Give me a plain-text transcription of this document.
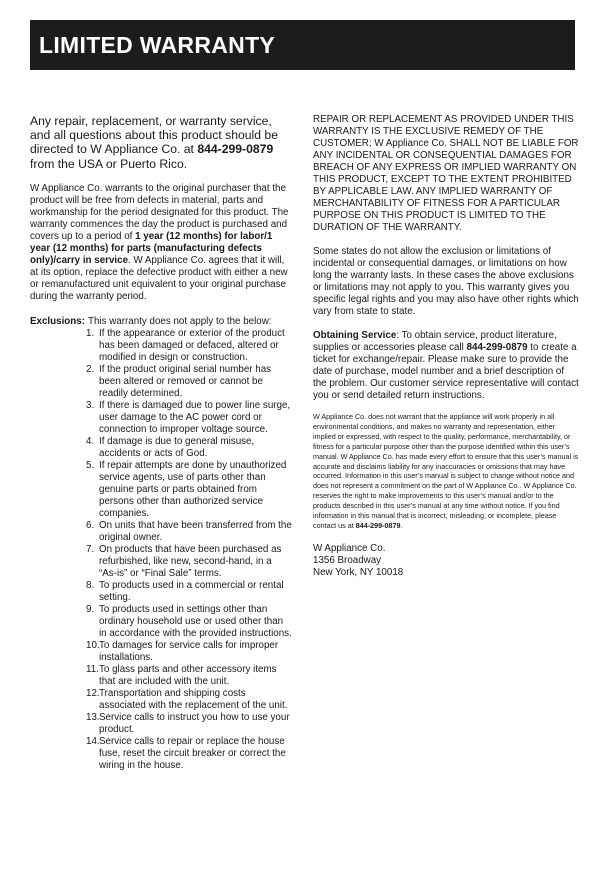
LIMITED WARRANTY

Any repair, replacement, or warranty service, and all questions about this product should be directed to W Appliance Co. at 844-299-0879 from the USA or Puerto Rico.

W Appliance Co. warrants to the original purchaser that the product will be free from defects in material, parts and workmanship for the period designated for this product. The warranty commences the day the product is purchased and covers up to a period of 1 year (12 months) for labor/1 year (12 months) for parts (manufacturing defects only)/carry in service. W Appliance Co. agrees that it will, at its option, replace the defective product with either a new or remanufactured unit equivalent to your original purchase during the warranty period.

Exclusions: This warranty does not apply to the below:
1. If the appearance or exterior of the product has been damaged or defaced, altered or modified in design or construction.
2. If the product original serial number has been altered or removed or cannot be readily determined.
3. If there is damaged due to power line surge, user damage to the AC power cord or connection to improper voltage source.
4. If damage is due to general misuse, accidents or acts of God.
5. If repair attempts are done by unauthorized service agents, use of parts other than genuine parts or parts obtained from persons other than authorized service companies.
6. On units that have been transferred from the original owner.
7. On products that have been purchased as refurbished, like new, second-hand, in a “As-is” or “Final Sale” terms.
8. To products used in a commercial or rental setting.
9. To products used in settings other than ordinary household use or used other than in accordance with the provided instructions.
10. To damages for service calls for improper installations.
11. To glass parts and other accessory items that are included with the unit.
12. Transportation and shipping costs associated with the replacement of the unit.
13. Service calls to instruct you how to use your product.
14. Service calls to repair or replace the house fuse, reset the circuit breaker or correct the wiring in the house.

REPAIR OR REPLACEMENT AS PROVIDED UNDER THIS WARRANTY IS THE EXCLUSIVE REMEDY OF THE CUSTOMER; W Appliance Co. SHALL NOT BE LIABLE FOR ANY INCIDENTAL OR CONSEQUENTIAL DAMAGES FOR BREACH OF ANY EXPRESS OR IMPLIED WARRANTY ON THIS PRODUCT, EXCEPT TO THE EXTENT PROHIBITED BY APPLICABLE LAW. ANY IMPLIED WARRANTY OF MERCHANTABILITY OF FITNESS FOR A PARTICULAR PURPOSE ON THIS PRODUCT IS LIMITED TO THE DURATION OF THE WARRANTY.

Some states do not allow the exclusion or limitations of incidental or consequential damages, or limitations on how long the warranty lasts. In these cases the above exclusions or limitations may not apply to you. This warranty gives you specific legal rights and you may also have other rights which vary from state to state.

Obtaining Service: To obtain service, product literature, supplies or accessories please call 844-299-0879 to create a ticket for exchange/repair. Please make sure to provide the date of purchase, model number and a brief description of the problem. Our customer service representative will contact you or send detailed return instructions.

W Appliance Co. does not warrant that the appliance will work properly in all environmental conditions, and makes no warranty and representation, either implied or expressed, with respect to the quality, performance, merchantability, or fitness for a particular purpose other than the purpose identified within this user’s manual. W Appliance Co. has made every effort to ensure that this user’s manual is accurate and disclaims liability for any inaccuracies or omissions that may have occurred. Information in this user’s manual is subject to change without notice and does not represent a commitment on the part of W Appliance Co.. W Appliance Co. reserves the right to make improvements to this user’s manual and/or to the products described in this user’s manual at any time without notice. If you find information in this manual that is incorrect, misleading, or incomplete, please contact us at 844-299-0879.

W Appliance Co.
1356 Broadway
New York, NY 10018
